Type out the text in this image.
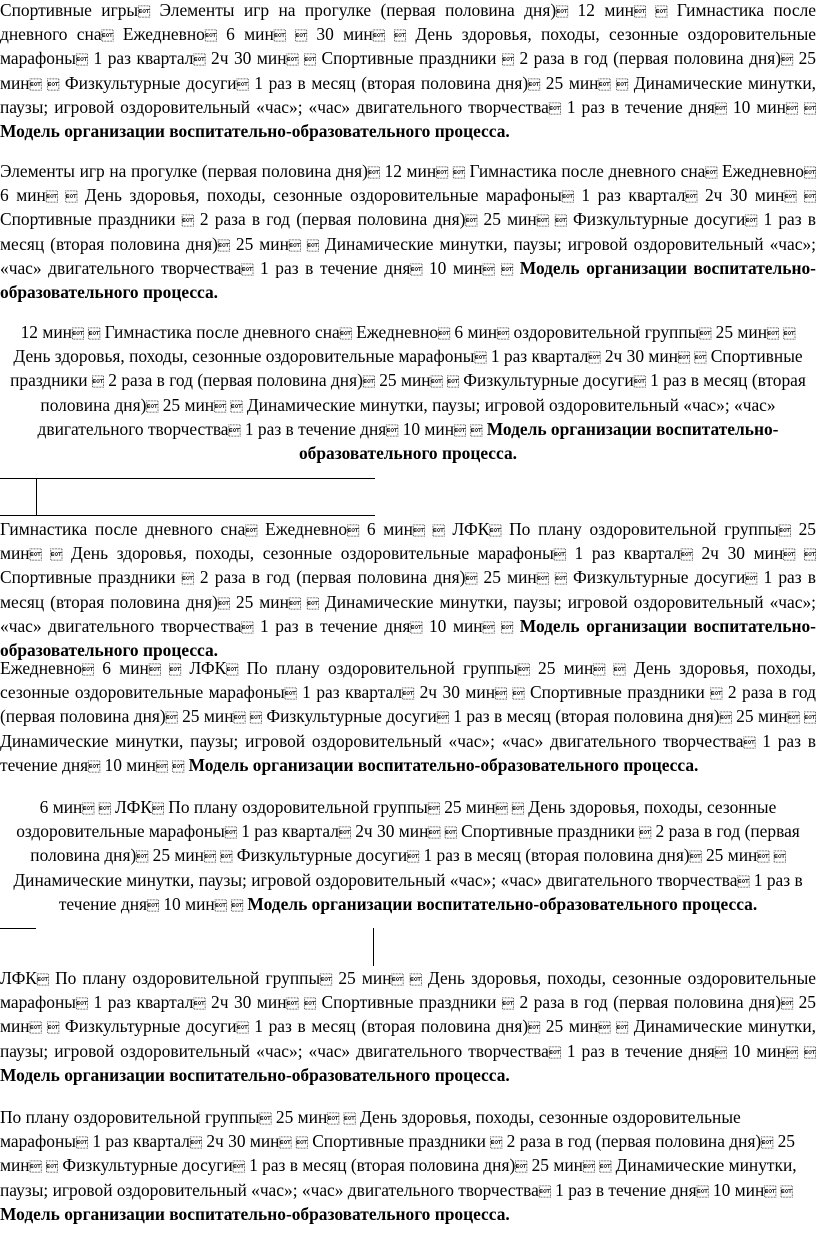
Спортивные игры Элементы игр на прогулке (первая половина дня) 12 мин  Гимнастика после дневного сна Ежедневно 6 мин  30 мин  День здоровья, походы, сезонные оздоровительные марафоны 1 раз квартал 2ч 30 мин  Спортивные праздники  2 раза в год (первая половина дня) 25 мин  Физкультурные досуги 1 раз в месяц (вторая половина дня) 25 мин  Динамические минутки, паузы; игровой оздоровительный «час»; «час» двигательного творчества 1 раз в течение дня 10 мин  Модель организации воспитательно-образовательного процесса.
Элементы игр на прогулке (первая половина дня) 12 мин  Гимнастика после дневного сна Ежедневно 6 мин  День здоровья, походы, сезонные оздоровительные марафоны 1 раз квартал 2ч 30 мин  Спортивные праздники  2 раза в год (первая половина дня) 25 мин  Физкультурные досуги 1 раз в месяц (вторая половина дня) 25 мин  Динамические минутки, паузы; игровой оздоровительный «час»; «час» двигательного творчества 1 раз в течение дня 10 мин  Модель организации воспитательно-образовательного процесса.
12 мин  Гимнастика после дневного сна Ежедневно 6 мин оздоровительной группы 25 мин  День здоровья, походы, сезонные оздоровительные марафоны 1 раз квартал 2ч 30 мин  Спортивные праздники  2 раза в год (первая половина дня) 25 мин  Физкультурные досуги 1 раз в месяц (вторая половина дня) 25 мин  Динамические минутки, паузы; игровой оздоровительный «час»; «час» двигательного творчества 1 раз в течение дня 10 мин  Модель организации воспитательно-образовательного процесса.
Гимнастика после дневного сна Ежедневно 6 мин  ЛФК По плану оздоровительной группы 25 мин  День здоровья, походы, сезонные оздоровительные марафоны 1 раз квартал 2ч 30 мин  Спортивные праздники  2 раза в год (первая половина дня) 25 мин  Физкультурные досуги 1 раз в месяц (вторая половина дня) 25 мин  Динамические минутки, паузы; игровой оздоровительный «час»; «час» двигательного творчества 1 раз в течение дня 10 мин  Модель организации воспитательно-образовательного процесса.
Ежедневно 6 мин  ЛФК По плану оздоровительной группы 25 мин  День здоровья, походы, сезонные оздоровительные марафоны 1 раз квартал 2ч 30 мин  Спортивные праздники  2 раза в год (первая половина дня) 25 мин  Физкультурные досуги 1 раз в месяц (вторая половина дня) 25 мин  Динамические минутки, паузы; игровой оздоровительный «час»; «час» двигательного творчества 1 раз в течение дня 10 мин  Модель организации воспитательно-образовательного процесса.
6 мин  ЛФК По плану оздоровительной группы 25 мин  День здоровья, походы, сезонные оздоровительные марафоны 1 раз квартал 2ч 30 мин  Спортивные праздники  2 раза в год (первая половина дня) 25 мин  Физкультурные досуги 1 раз в месяц (вторая половина дня) 25 мин  Динамические минутки, паузы; игровой оздоровительный «час»; «час» двигательного творчества 1 раз в течение дня 10 мин  Модель организации воспитательно-образовательного процесса.
ЛФК По плану оздоровительной группы 25 мин  День здоровья, походы, сезонные оздоровительные марафоны 1 раз квартал 2ч 30 мин  Спортивные праздники  2 раза в год (первая половина дня) 25 мин  Физкультурные досуги 1 раз в месяц (вторая половина дня) 25 мин  Динамические минутки, паузы; игровой оздоровительный «час»; «час» двигательного творчества 1 раз в течение дня 10 мин  Модель организации воспитательно-образовательного процесса.
По плану оздоровительной группы 25 мин  День здоровья, походы, сезонные оздоровительные марафоны 1 раз квартал 2ч 30 мин  Спортивные праздники  2 раза в год (первая половина дня) 25 мин  Физкультурные досуги 1 раз в месяц (вторая половина дня) 25 мин  Динамические минутки, паузы; игровой оздоровительный «час»; «час» двигательного творчества 1 раз в течение дня 10 мин  Модель организации воспитательно-образовательного процесса.
